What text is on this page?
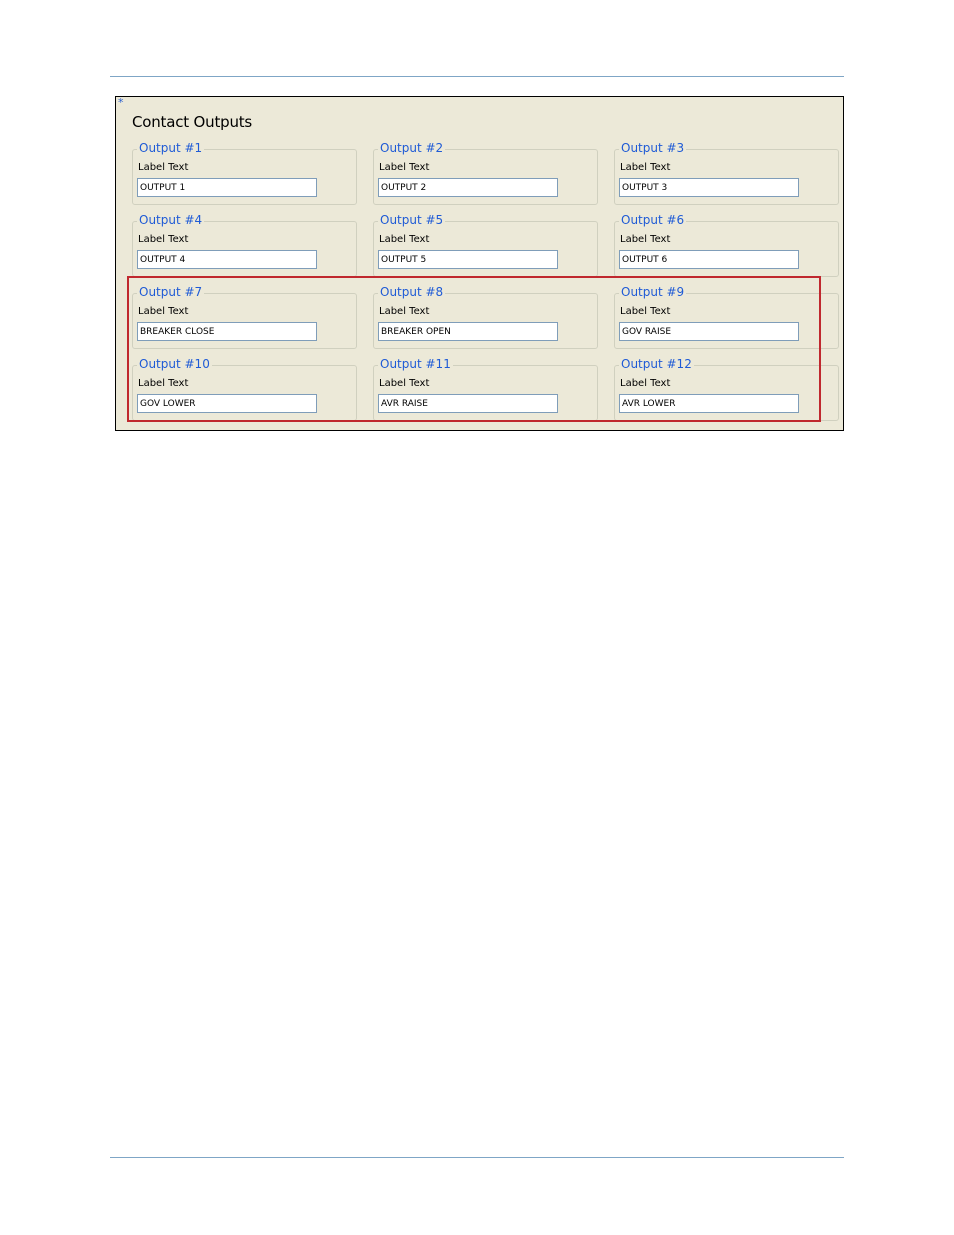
*
Contact Outputs
Output #1
Label Text
OUTPUT 1
Output #2
Label Text
OUTPUT 2
Output #3
Label Text
OUTPUT 3
Output #4
Label Text
OUTPUT 4
Output #5
Label Text
OUTPUT 5
Output #6
Label Text
OUTPUT 6
Output #7
Label Text
BREAKER CLOSE
Output #8
Label Text
BREAKER OPEN
Output #9
Label Text
GOV RAISE
Output #10
Label Text
GOV LOWER
Output #11
Label Text
AVR RAISE
Output #12
Label Text
AVR LOWER
